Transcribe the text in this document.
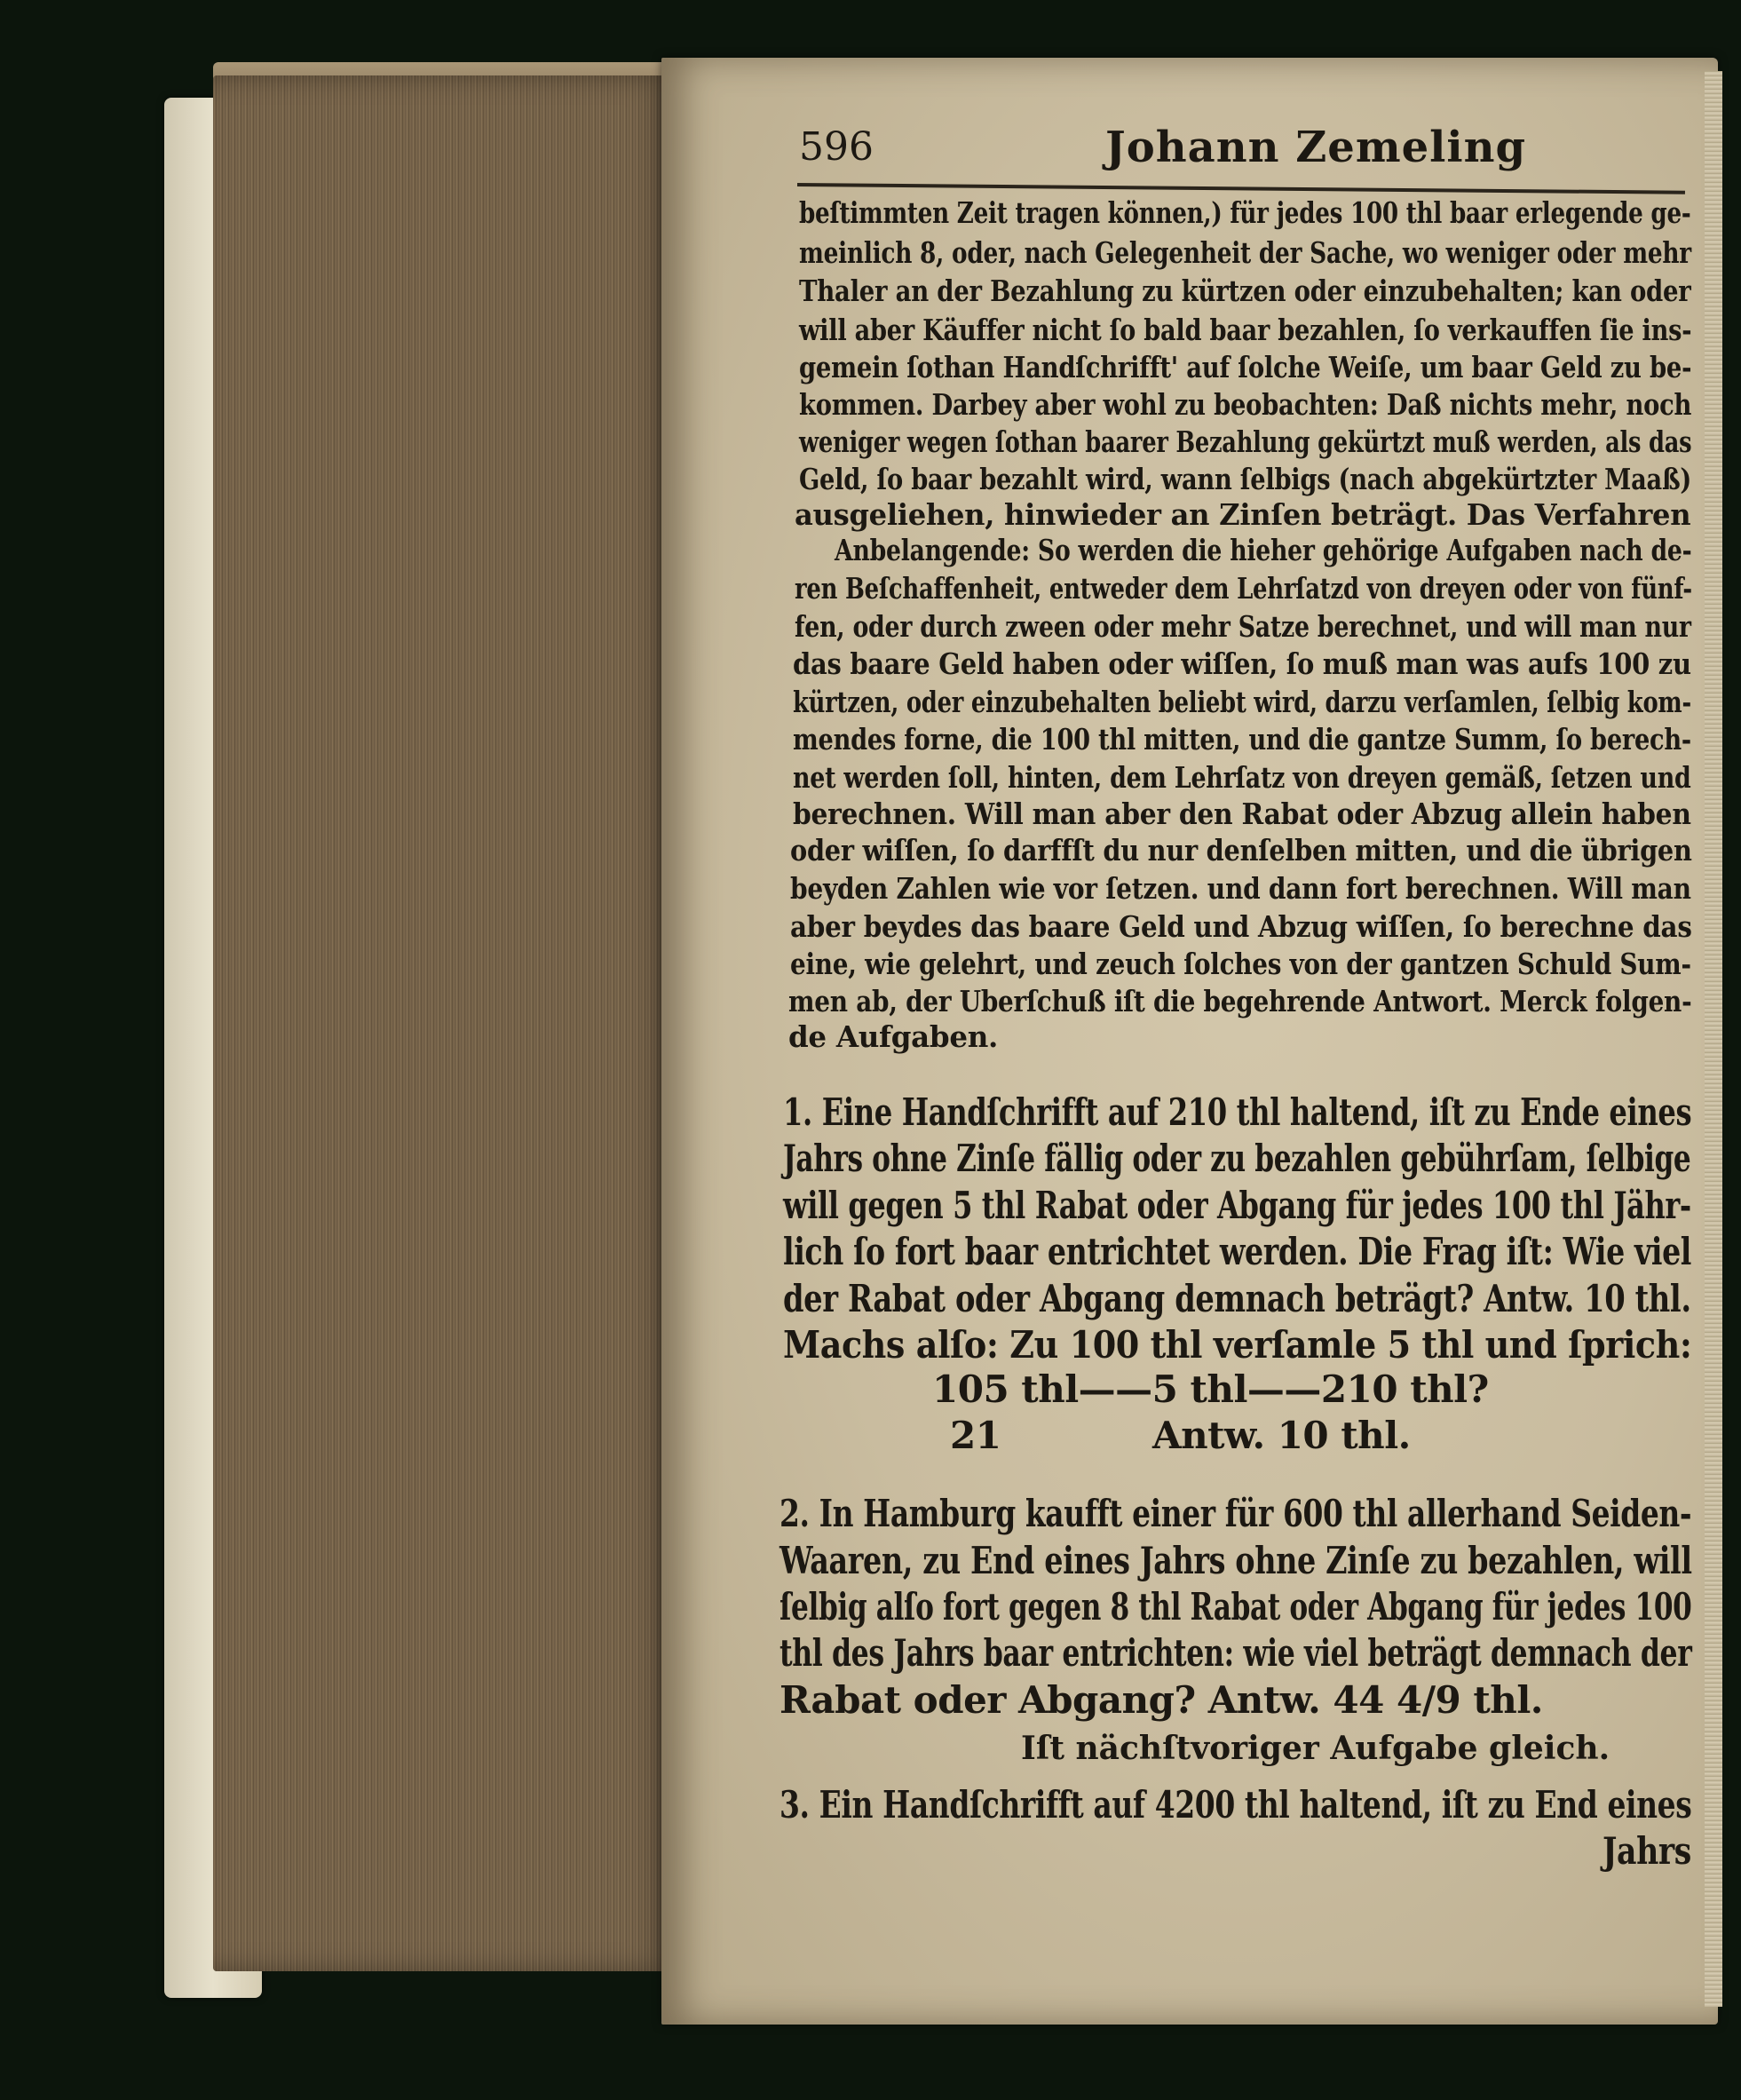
596	Johann Zemeling
beſtimmten Zeit tragen können,) für jedes 100 thl baar erlegende ge-
meinlich 8, oder, nach Gelegenheit der Sache, wo weniger oder mehr
Thaler an der Bezahlung zu kürtzen oder einzubehalten; kan oder
will aber Käuffer nicht ſo bald baar bezahlen, ſo verkauffen ſie ins-
gemein ſothan Handſchrifft' auf ſolche Weiſe, um baar Geld zu be-
kommen. Darbey aber wohl zu beobachten: Daß nichts mehr, noch
weniger wegen ſothan baarer Bezahlung gekürtzt muß werden, als das
Geld, ſo baar bezahlt wird, wann ſelbigs (nach abgekürtzter Maaß)
ausgeliehen, hinwieder an Zinſen beträgt. Das Verfahren
Anbelangende: So werden die hieher gehörige Aufgaben nach de-
ren Beſchaffenheit, entweder dem Lehrſatzd von dreyen oder von fünf-
fen, oder durch zween oder mehr Satze berechnet, und will man nur
das baare Geld haben oder wiſſen, ſo muß man was aufs 100 zu
kürtzen, oder einzubehalten beliebt wird, darzu verſamlen, ſelbig kom-
mendes forne, die 100 thl mitten, und die gantze Summ, ſo berech-
net werden ſoll, hinten, dem Lehrſatz von dreyen gemäß, ſetzen und
berechnen. Will man aber den Rabat oder Abzug allein haben
oder wiſſen, ſo darffſt du nur denſelben mitten, und die übrigen
beyden Zahlen wie vor ſetzen. und dann fort berechnen. Will man
aber beydes das baare Geld und Abzug wiſſen, ſo berechne das
eine, wie gelehrt, und zeuch ſolches von der gantzen Schuld Sum-
men ab, der Uberſchuß iſt die begehrende Antwort. Merck folgen-
de Aufgaben.
1. Eine Handſchrifft auf 210 thl haltend, iſt zu Ende eines
Jahrs ohne Zinſe fällig oder zu bezahlen gebührſam, ſelbige
will gegen 5 thl Rabat oder Abgang für jedes 100 thl Jähr-
lich ſo fort baar entrichtet werden. Die Frag iſt: Wie viel
der Rabat oder Abgang demnach beträgt? Antw. 10 thl.
Machs alſo: Zu 100 thl verſamle 5 thl und ſprich:
105 thl——5 thl——210 thl?
21	Antw. 10 thl.
2. In Hamburg kaufft einer für 600 thl allerhand Seiden-
Waaren, zu End eines Jahrs ohne Zinſe zu bezahlen, will
ſelbig alſo fort gegen 8 thl Rabat oder Abgang für jedes 100
thl des Jahrs baar entrichten: wie viel beträgt demnach der
Rabat oder Abgang? Antw. 44 4/9 thl.
Iſt nächſtvoriger Aufgabe gleich.
3. Ein Handſchrifft auf 4200 thl haltend, iſt zu End eines
Jahrs
